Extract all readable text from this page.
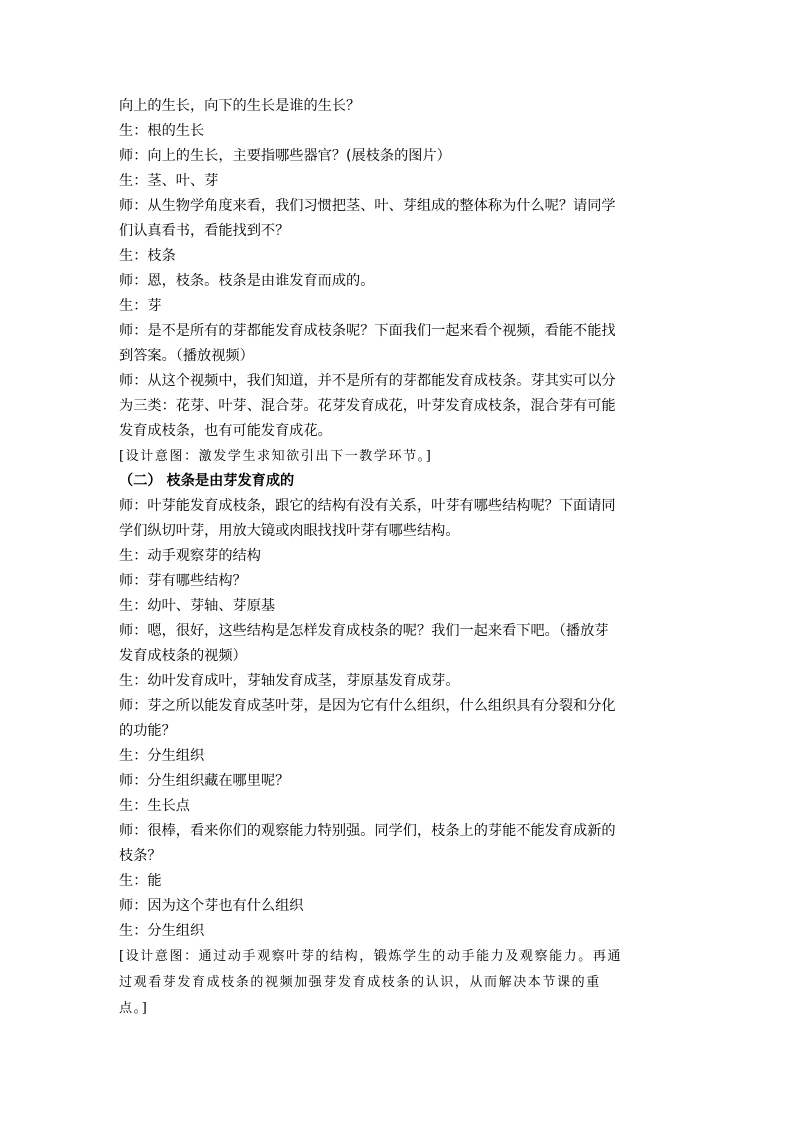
向上的生长，向下的生长是谁的生长？
生：根的生长
师：向上的生长，主要指哪些器官？(展枝条的图片）
生：茎、叶、芽
师：从生物学角度来看，我们习惯把茎、叶、芽组成的整体称为什么呢？请同学
们认真看书，看能找到不？
生：枝条
师：恩，枝条。枝条是由谁发育而成的。
生：芽
师：是不是所有的芽都能发育成枝条呢？下面我们一起来看个视频，看能不能找
到答案。（播放视频）
师：从这个视频中，我们知道，并不是所有的芽都能发育成枝条。芽其实可以分
为三类：花芽、叶芽、混合芽。花芽发育成花，叶芽发育成枝条，混合芽有可能
发育成枝条，也有可能发育成花。
[设计意图：激发学生求知欲引出下一教学环节。]
（二） 枝条是由芽发育成的
师：叶芽能发育成枝条，跟它的结构有没有关系，叶芽有哪些结构呢？下面请同
学们纵切叶芽，用放大镜或肉眼找找叶芽有哪些结构。
生：动手观察芽的结构
师：芽有哪些结构？
生：幼叶、芽轴、芽原基
师：嗯，很好，这些结构是怎样发育成枝条的呢？我们一起来看下吧。（播放芽
发育成枝条的视频）
生：幼叶发育成叶，芽轴发育成茎，芽原基发育成芽。
师：芽之所以能发育成茎叶芽，是因为它有什么组织，什么组织具有分裂和分化
的功能？
生：分生组织
师：分生组织藏在哪里呢？
生：生长点
师：很棒，看来你们的观察能力特别强。同学们，枝条上的芽能不能发育成新的
枝条？
生：能
师：因为这个芽也有什么组织
生：分生组织
[设计意图：通过动手观察叶芽的结构，锻炼学生的动手能力及观察能力。再通
过观看芽发育成枝条的视频加强芽发育成枝条的认识，从而解决本节课的重
点。]
